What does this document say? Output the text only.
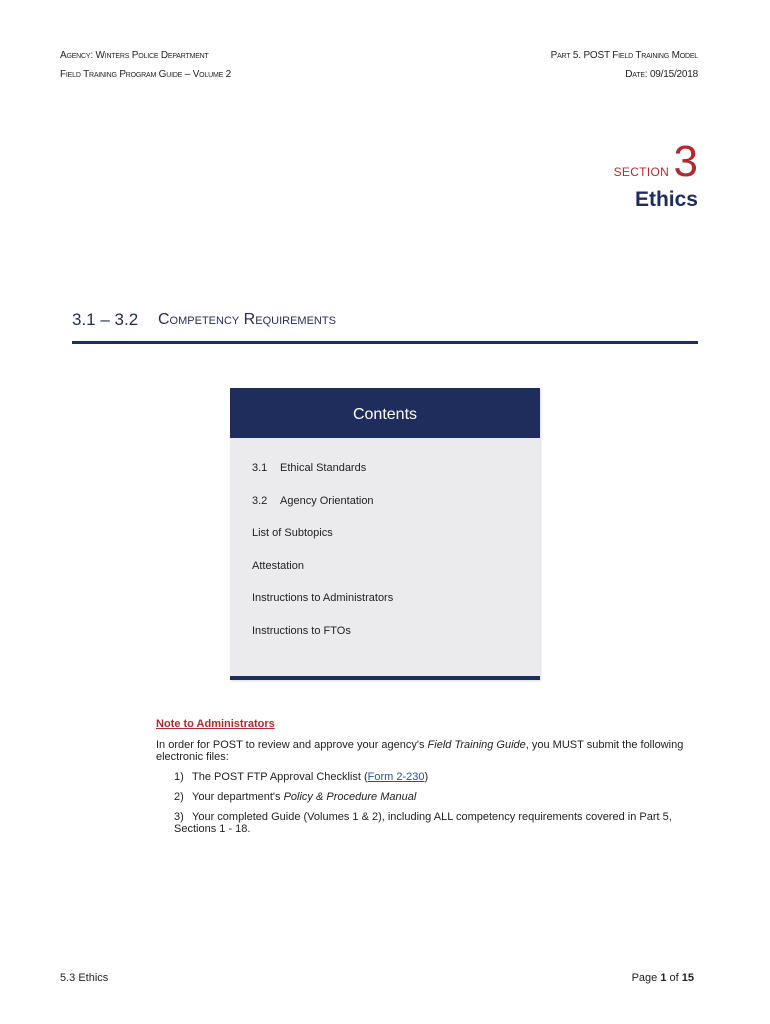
Agency: Winters Police Department
Field Training Program Guide – Volume 2
Part 5. POST Field Training Model
Date: 09/15/2018
SECTION 3
Ethics
3.1 – 3.2 Competency Requirements
Contents
3.1 Ethical Standards
3.2 Agency Orientation
List of Subtopics
Attestation
Instructions to Administrators
Instructions to FTOs
Note to Administrators
In order for POST to review and approve your agency's Field Training Guide, you MUST submit the following electronic files:
1) The POST FTP Approval Checklist (Form 2-230)
2) Your department's Policy & Procedure Manual
3) Your completed Guide (Volumes 1 & 2), including ALL competency requirements covered in Part 5, Sections 1 - 18.
5.3 Ethics	Page 1 of 15
